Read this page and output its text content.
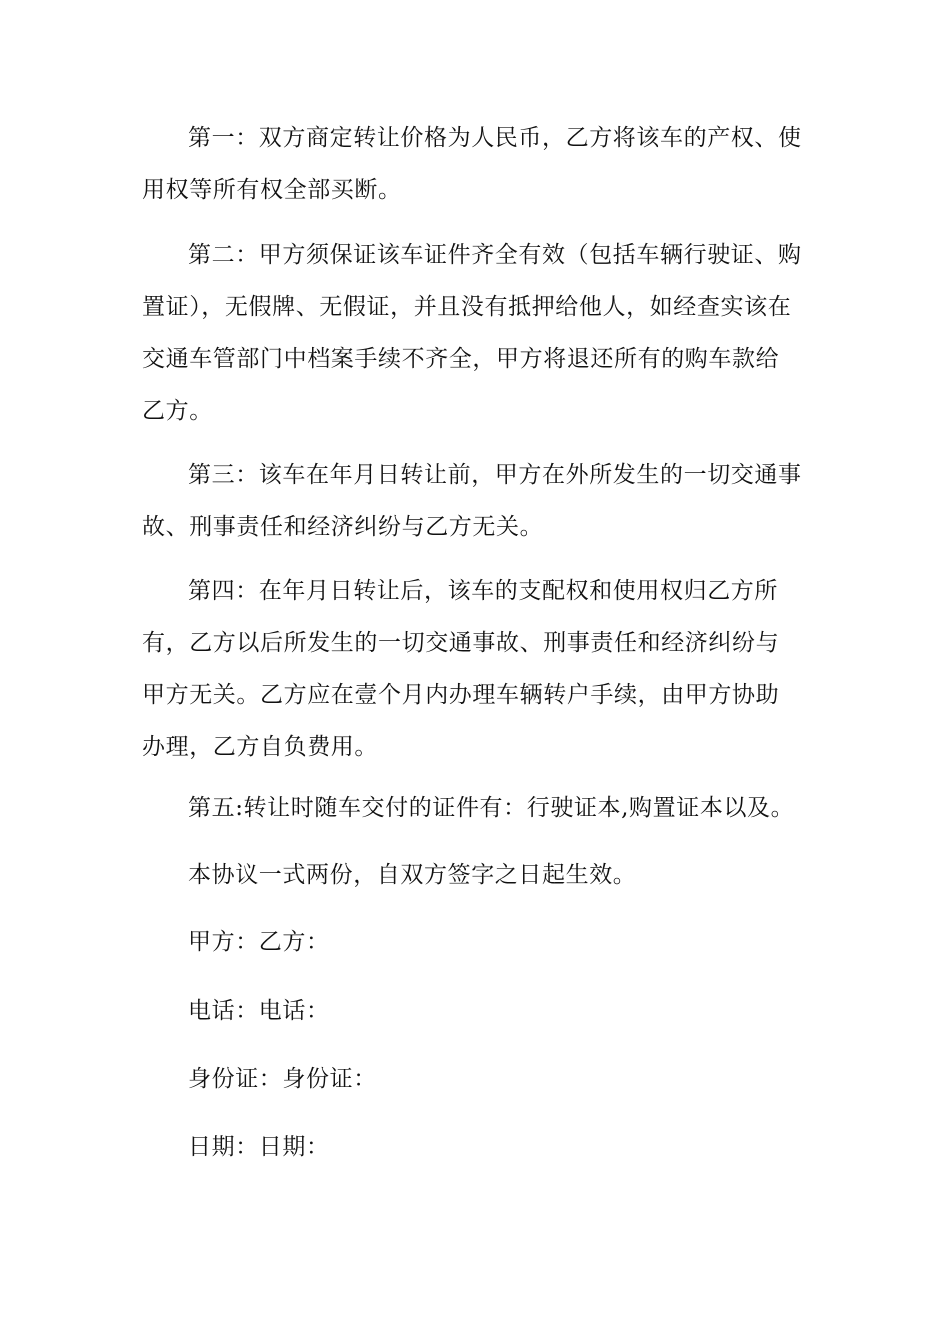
第一：双方商定转让价格为人民币，乙方将该车的产权、使用权等所有权全部买断。

第二：甲方须保证该车证件齐全有效（包括车辆行驶证、购置证），无假牌、无假证，并且没有抵押给他人，如经查实该在交通车管部门中档案手续不齐全，甲方将退还所有的购车款给乙方。

第三：该车在年月日转让前，甲方在外所发生的一切交通事故、刑事责任和经济纠纷与乙方无关。

第四：在年月日转让后，该车的支配权和使用权归乙方所有，乙方以后所发生的一切交通事故、刑事责任和经济纠纷与甲方无关。乙方应在壹个月内办理车辆转户手续，由甲方协助办理，乙方自负费用。

第五:转让时随车交付的证件有：行驶证本,购置证本以及。

本协议一式两份，自双方签字之日起生效。

甲方：乙方：

电话：电话：

身份证：身份证：

日期：日期：
